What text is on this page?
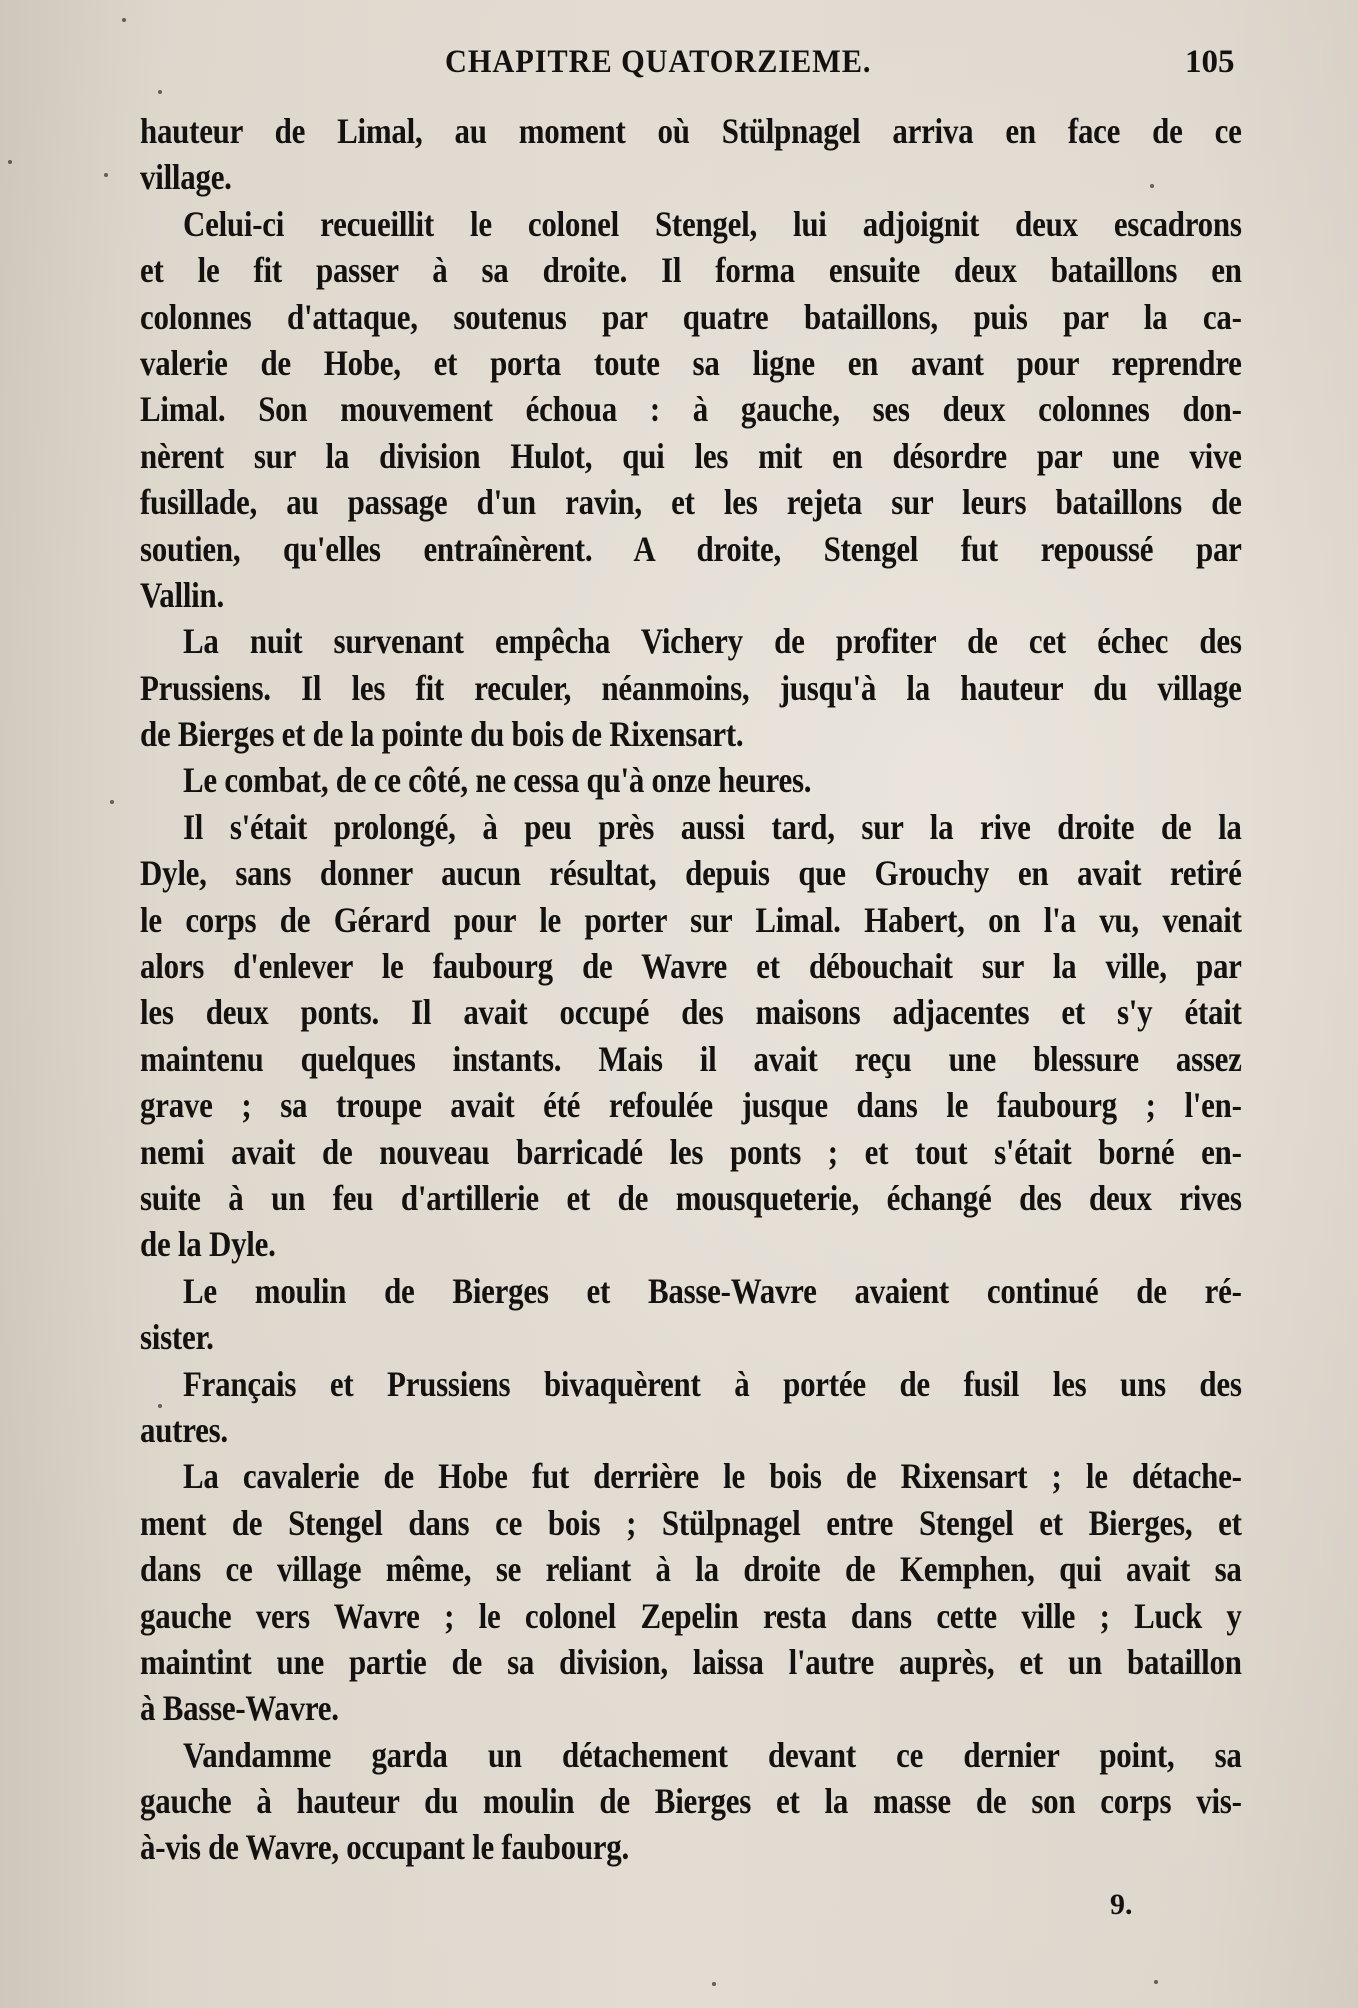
CHAPITRE QUATORZIEME.	105
hauteur de Limal, au moment où Stülpnagel arriva en face de ce
village.
Celui-ci recueillit le colonel Stengel, lui adjoignit deux escadrons
et le fit passer à sa droite. Il forma ensuite deux bataillons en
colonnes d'attaque, soutenus par quatre bataillons, puis par la ca-
valerie de Hobe, et porta toute sa ligne en avant pour reprendre
Limal. Son mouvement échoua : à gauche, ses deux colonnes don-
nèrent sur la division Hulot, qui les mit en désordre par une vive
fusillade, au passage d'un ravin, et les rejeta sur leurs bataillons de
soutien, qu'elles entraînèrent. A droite, Stengel fut repoussé par
Vallin.
La nuit survenant empêcha Vichery de profiter de cet échec des
Prussiens. Il les fit reculer, néanmoins, jusqu'à la hauteur du village
de Bierges et de la pointe du bois de Rixensart.
Le combat, de ce côté, ne cessa qu'à onze heures.
Il s'était prolongé, à peu près aussi tard, sur la rive droite de la
Dyle, sans donner aucun résultat, depuis que Grouchy en avait retiré
le corps de Gérard pour le porter sur Limal. Habert, on l'a vu, venait
alors d'enlever le faubourg de Wavre et débouchait sur la ville, par
les deux ponts. Il avait occupé des maisons adjacentes et s'y était
maintenu quelques instants. Mais il avait reçu une blessure assez
grave ; sa troupe avait été refoulée jusque dans le faubourg ; l'en-
nemi avait de nouveau barricadé les ponts ; et tout s'était borné en-
suite à un feu d'artillerie et de mousqueterie, échangé des deux rives
de la Dyle.
Le moulin de Bierges et Basse-Wavre avaient continué de ré-
sister.
Français et Prussiens bivaquèrent à portée de fusil les uns des
autres.
La cavalerie de Hobe fut derrière le bois de Rixensart ; le détache-
ment de Stengel dans ce bois ; Stülpnagel entre Stengel et Bierges, et
dans ce village même, se reliant à la droite de Kemphen, qui avait sa
gauche vers Wavre ; le colonel Zepelin resta dans cette ville ; Luck y
maintint une partie de sa division, laissa l'autre auprès, et un bataillon
à Basse-Wavre.
Vandamme garda un détachement devant ce dernier point, sa
gauche à hauteur du moulin de Bierges et la masse de son corps vis-
à-vis de Wavre, occupant le faubourg.
9.
